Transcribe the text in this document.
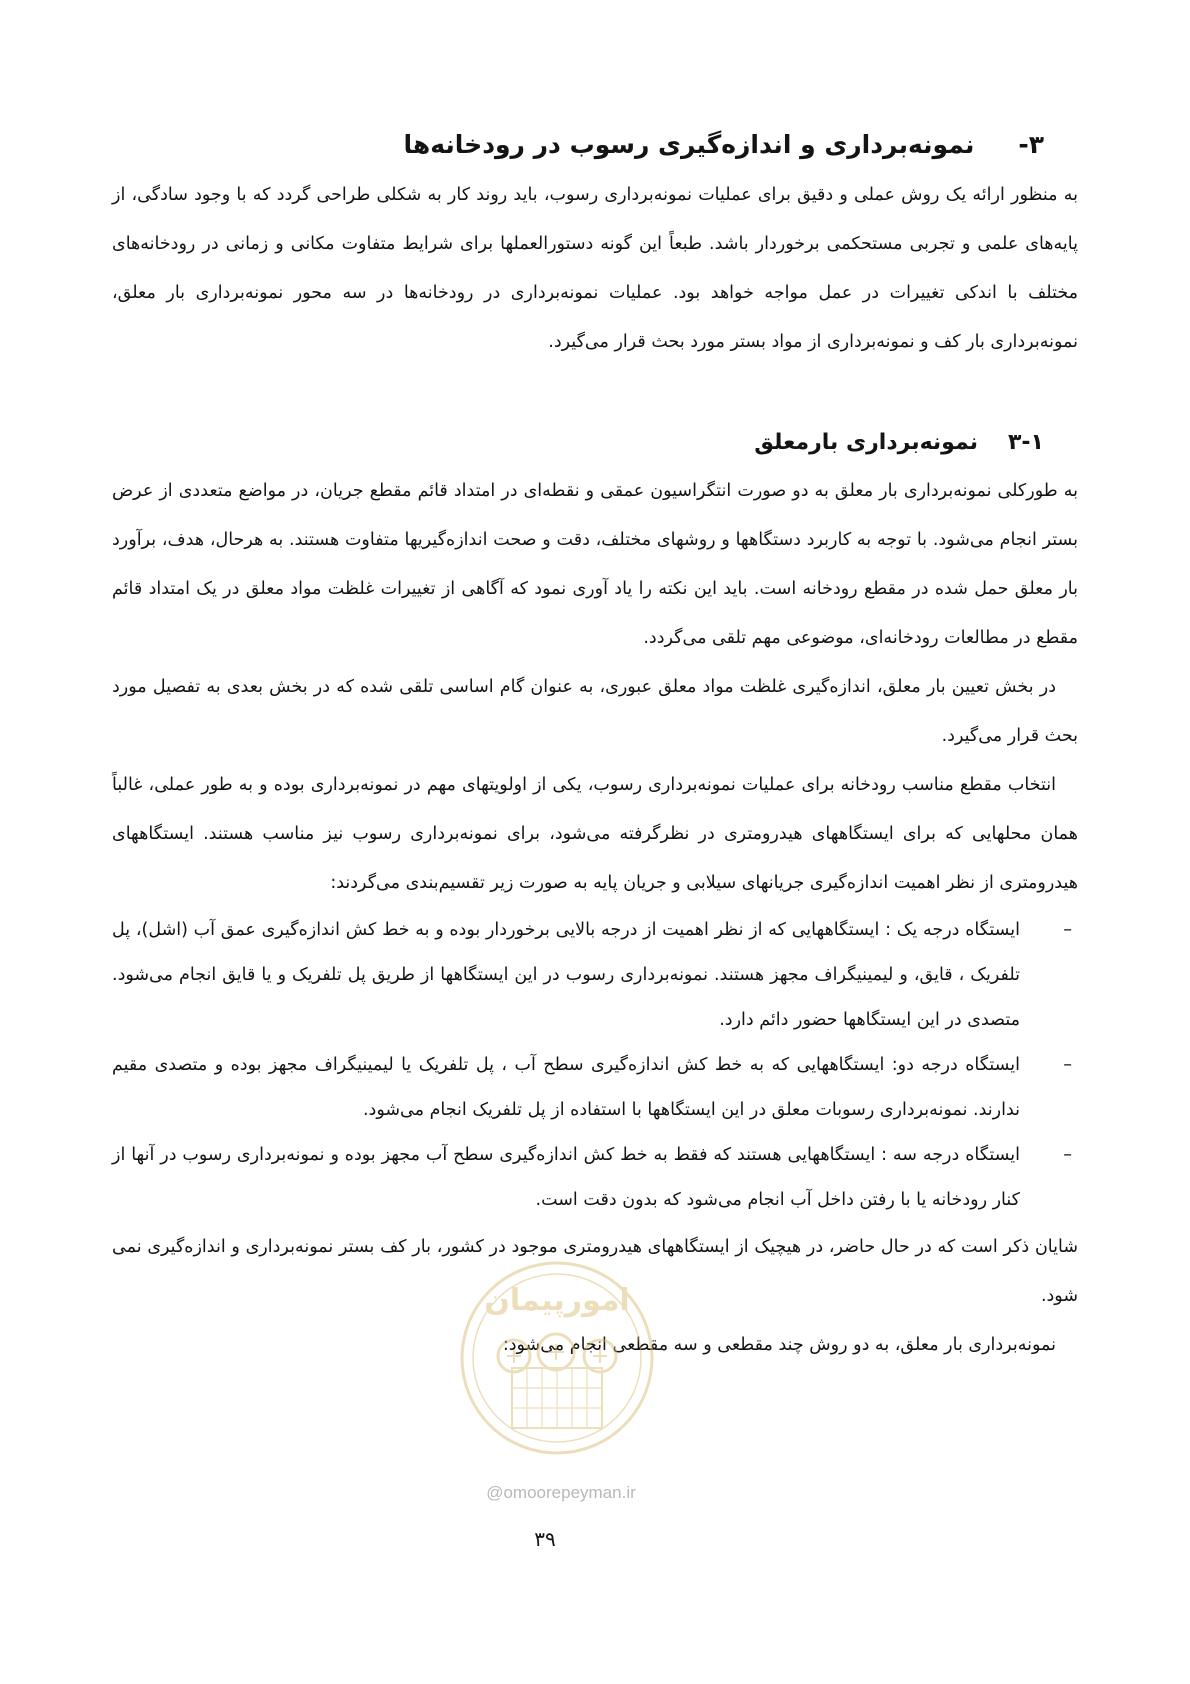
۳-
نمونه‌برداری و اندازه‌گیری رسوب در رودخانه‌ها

به منظور ارائه یک روش عملی و دقیق برای عملیات نمونه‌برداری رسوب، باید روند کار به شکلی طراحی گردد که با وجود سادگی، از پایه‌های علمی و تجربی مستحکمی برخوردار باشد. طبعاً این گونه دستورالعملها برای شرایط متفاوت مکانی و زمانی در رودخانه‌های مختلف با اندکی تغییرات در عمل مواجه خواهد بود. عملیات نمونه‌برداری در رودخانه‌ها در سه محور نمونه‌برداری بار معلق، نمونه‌برداری بار کف و نمونه‌برداری از مواد بستر مورد بحث قرار می‌گیرد.

۳-۱
نمونه‌برداری بارمعلق

به طورکلی نمونه‌برداری بار معلق به دو صورت انتگراسیون عمقی و نقطه‌ای در امتداد قائم مقطع جریان، در مواضع متعددی از عرض بستر انجام می‌شود. با توجه به کاربرد دستگاهها و روشهای مختلف، دقت و صحت اندازه‌گیریها متفاوت هستند. به هرحال، هدف، برآورد بار معلق حمل شده در مقطع رودخانه است. باید این نکته را یاد آوری نمود که آگاهی از تغییرات غلظت مواد معلق در یک امتداد قائم مقطع در مطالعات رودخانه‌ای، موضوعی مهم تلقی می‌گردد.

در بخش تعیین بار معلق، اندازه‌گیری غلظت مواد معلق عبوری، به عنوان گام اساسی تلقی شده که در بخش بعدی به تفصیل مورد بحث قرار می‌گیرد.

انتخاب مقطع مناسب رودخانه برای عملیات نمونه‌برداری رسوب، یکی از اولویتهای مهم در نمونه‌برداری بوده و به طور عملی، غالباً همان محلهایی که برای ایستگاههای هیدرومتری در نظرگرفته می‌شود، برای نمونه‌برداری رسوب نیز مناسب هستند. ایستگاههای هیدرومتری از نظر اهمیت اندازه‌گیری جریانهای سیلابی و جریان پایه به صورت زیر تقسیم‌بندی می‌گردند:

–
ایستگاه درجه یک : ایستگاههایی که از نظر اهمیت از درجه بالایی برخوردار بوده و به خط کش اندازه‌گیری عمق آب (اشل)، پل تلفریک ، قایق، و لیمینیگراف مجهز هستند. نمونه‌برداری رسوب در این ایستگاهها از طریق پل تلفریک و یا قایق انجام می‌شود. متصدی در این ایستگاهها حضور دائم دارد.
–
ایستگاه درجه دو: ایستگاههایی که به خط کش اندازه‌گیری سطح آب ، پل تلفریک یا لیمینیگراف مجهز بوده و متصدی مقیم ندارند. نمونه‌برداری رسوبات معلق در این ایستگاهها با استفاده از پل تلفریک انجام می‌شود.
–
ایستگاه درجه سه : ایستگاههایی هستند که فقط به خط کش اندازه‌گیری سطح آب مجهز بوده و نمونه‌برداری رسوب در آنها از کنار رودخانه یا با رفتن داخل آب انجام می‌شود که بدون دقت است.

شایان ذکر است که در حال حاضر، در هیچیک از ایستگاههای هیدرومتری موجود در کشور، بار کف بستر نمونه‌برداری و اندازه‌گیری نمی شود.

نمونه‌برداری بار معلق، به دو روش چند مقطعی و سه مقطعی انجام می‌شود:

امورپیمان
@omoorepeyman.ir
۳۹
